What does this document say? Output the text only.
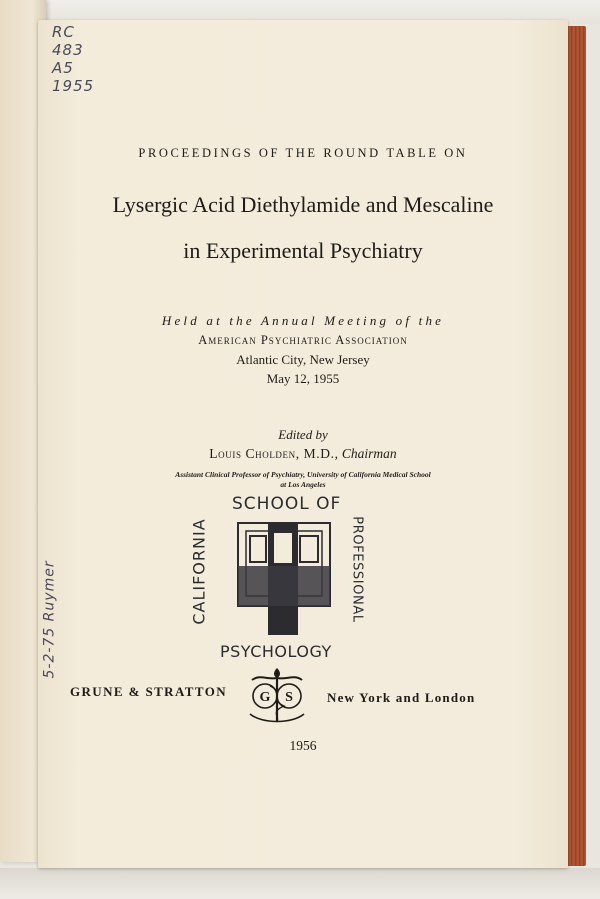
RC
483
A5
1955
5-2-75 Ruymer
PROCEEDINGS OF THE ROUND TABLE ON
Lysergic Acid Diethylamide and Mescaline
in Experimental Psychiatry
Held at the Annual Meeting of the
American Psychiatric Association
Atlantic City, New Jersey
May 12, 1955
Edited by
Louis Cholden, M.D., Chairman
Assistant Clinical Professor of Psychiatry, University of California Medical School
at Los Angeles
SCHOOL OF
CALIFORNIA	PROFESSIONAL
PSYCHOLOGY
GRUNE & STRATTON G S	New York and London
1956
